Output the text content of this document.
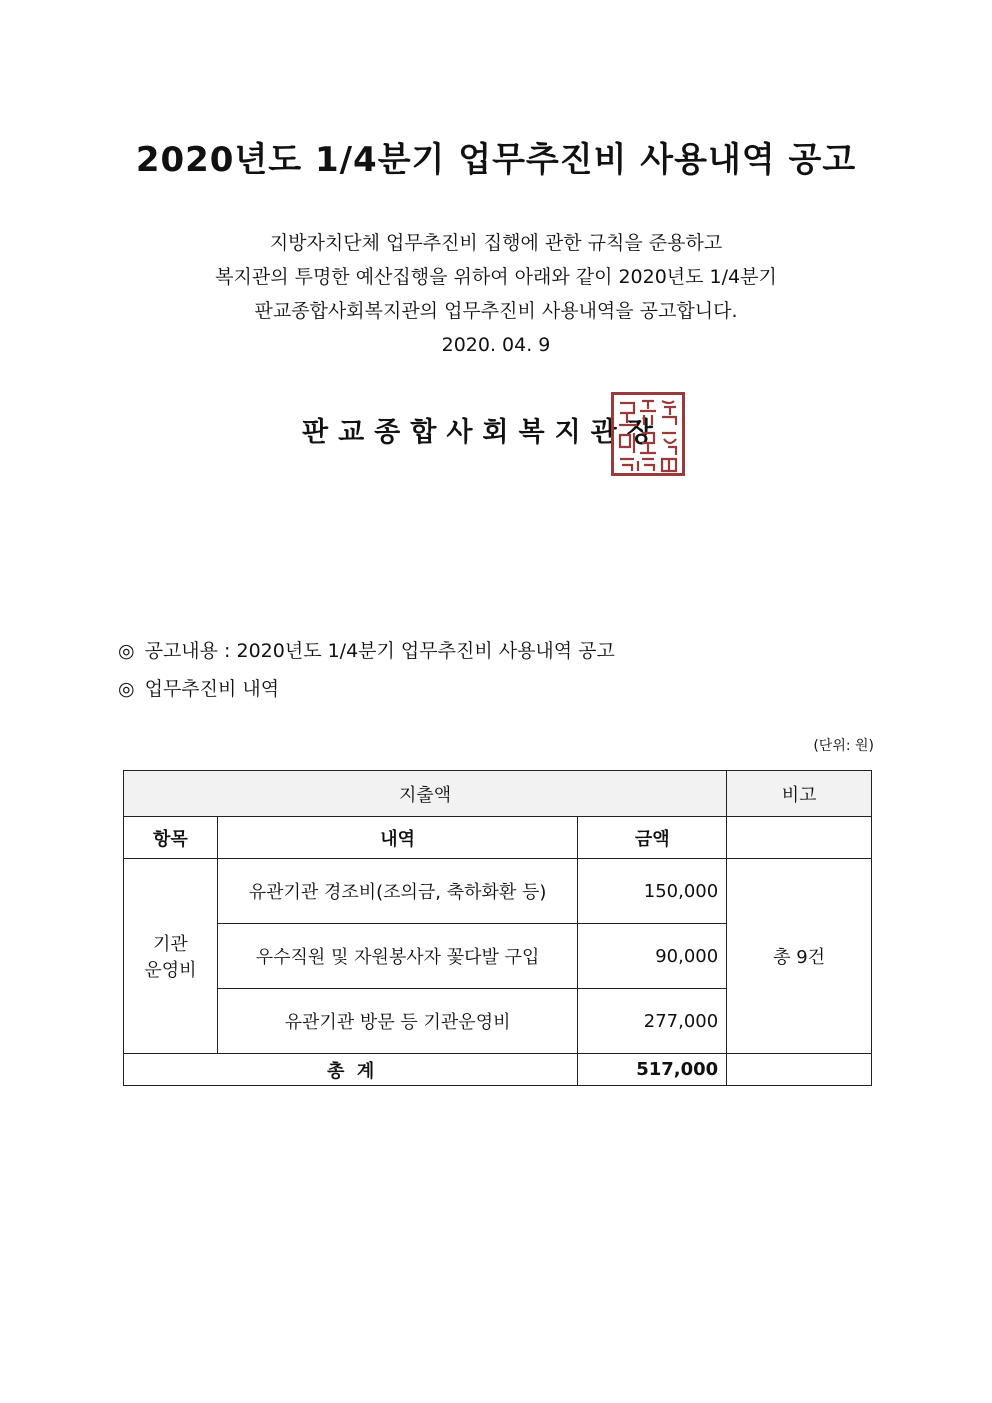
2020년도 1/4분기 업무추진비 사용내역 공고
지방자치단체 업무추진비 집행에 관한 규칙을 준용하고
복지관의 투명한 예산집행을 위하여 아래와 같이 2020년도 1/4분기
판교종합사회복지관의 업무추진비 사용내역을 공고합니다.
2020. 04. 9
판교종합사회복지관장
◎ 공고내용 : 2020년도 1/4분기 업무추진비 사용내역 공고
◎ 업무추진비 내역
(단위: 원)
지출액			비고
항목	내역	금액	

기관
운영비	유관기관 경조비(조의금, 축하화환 등)	150,000	총 9건
	우수직원 및 자원봉사자 꽃다발 구입	90,000	
	유관기관 방문 등 기관운영비	277,000	
총  계		517,000	
